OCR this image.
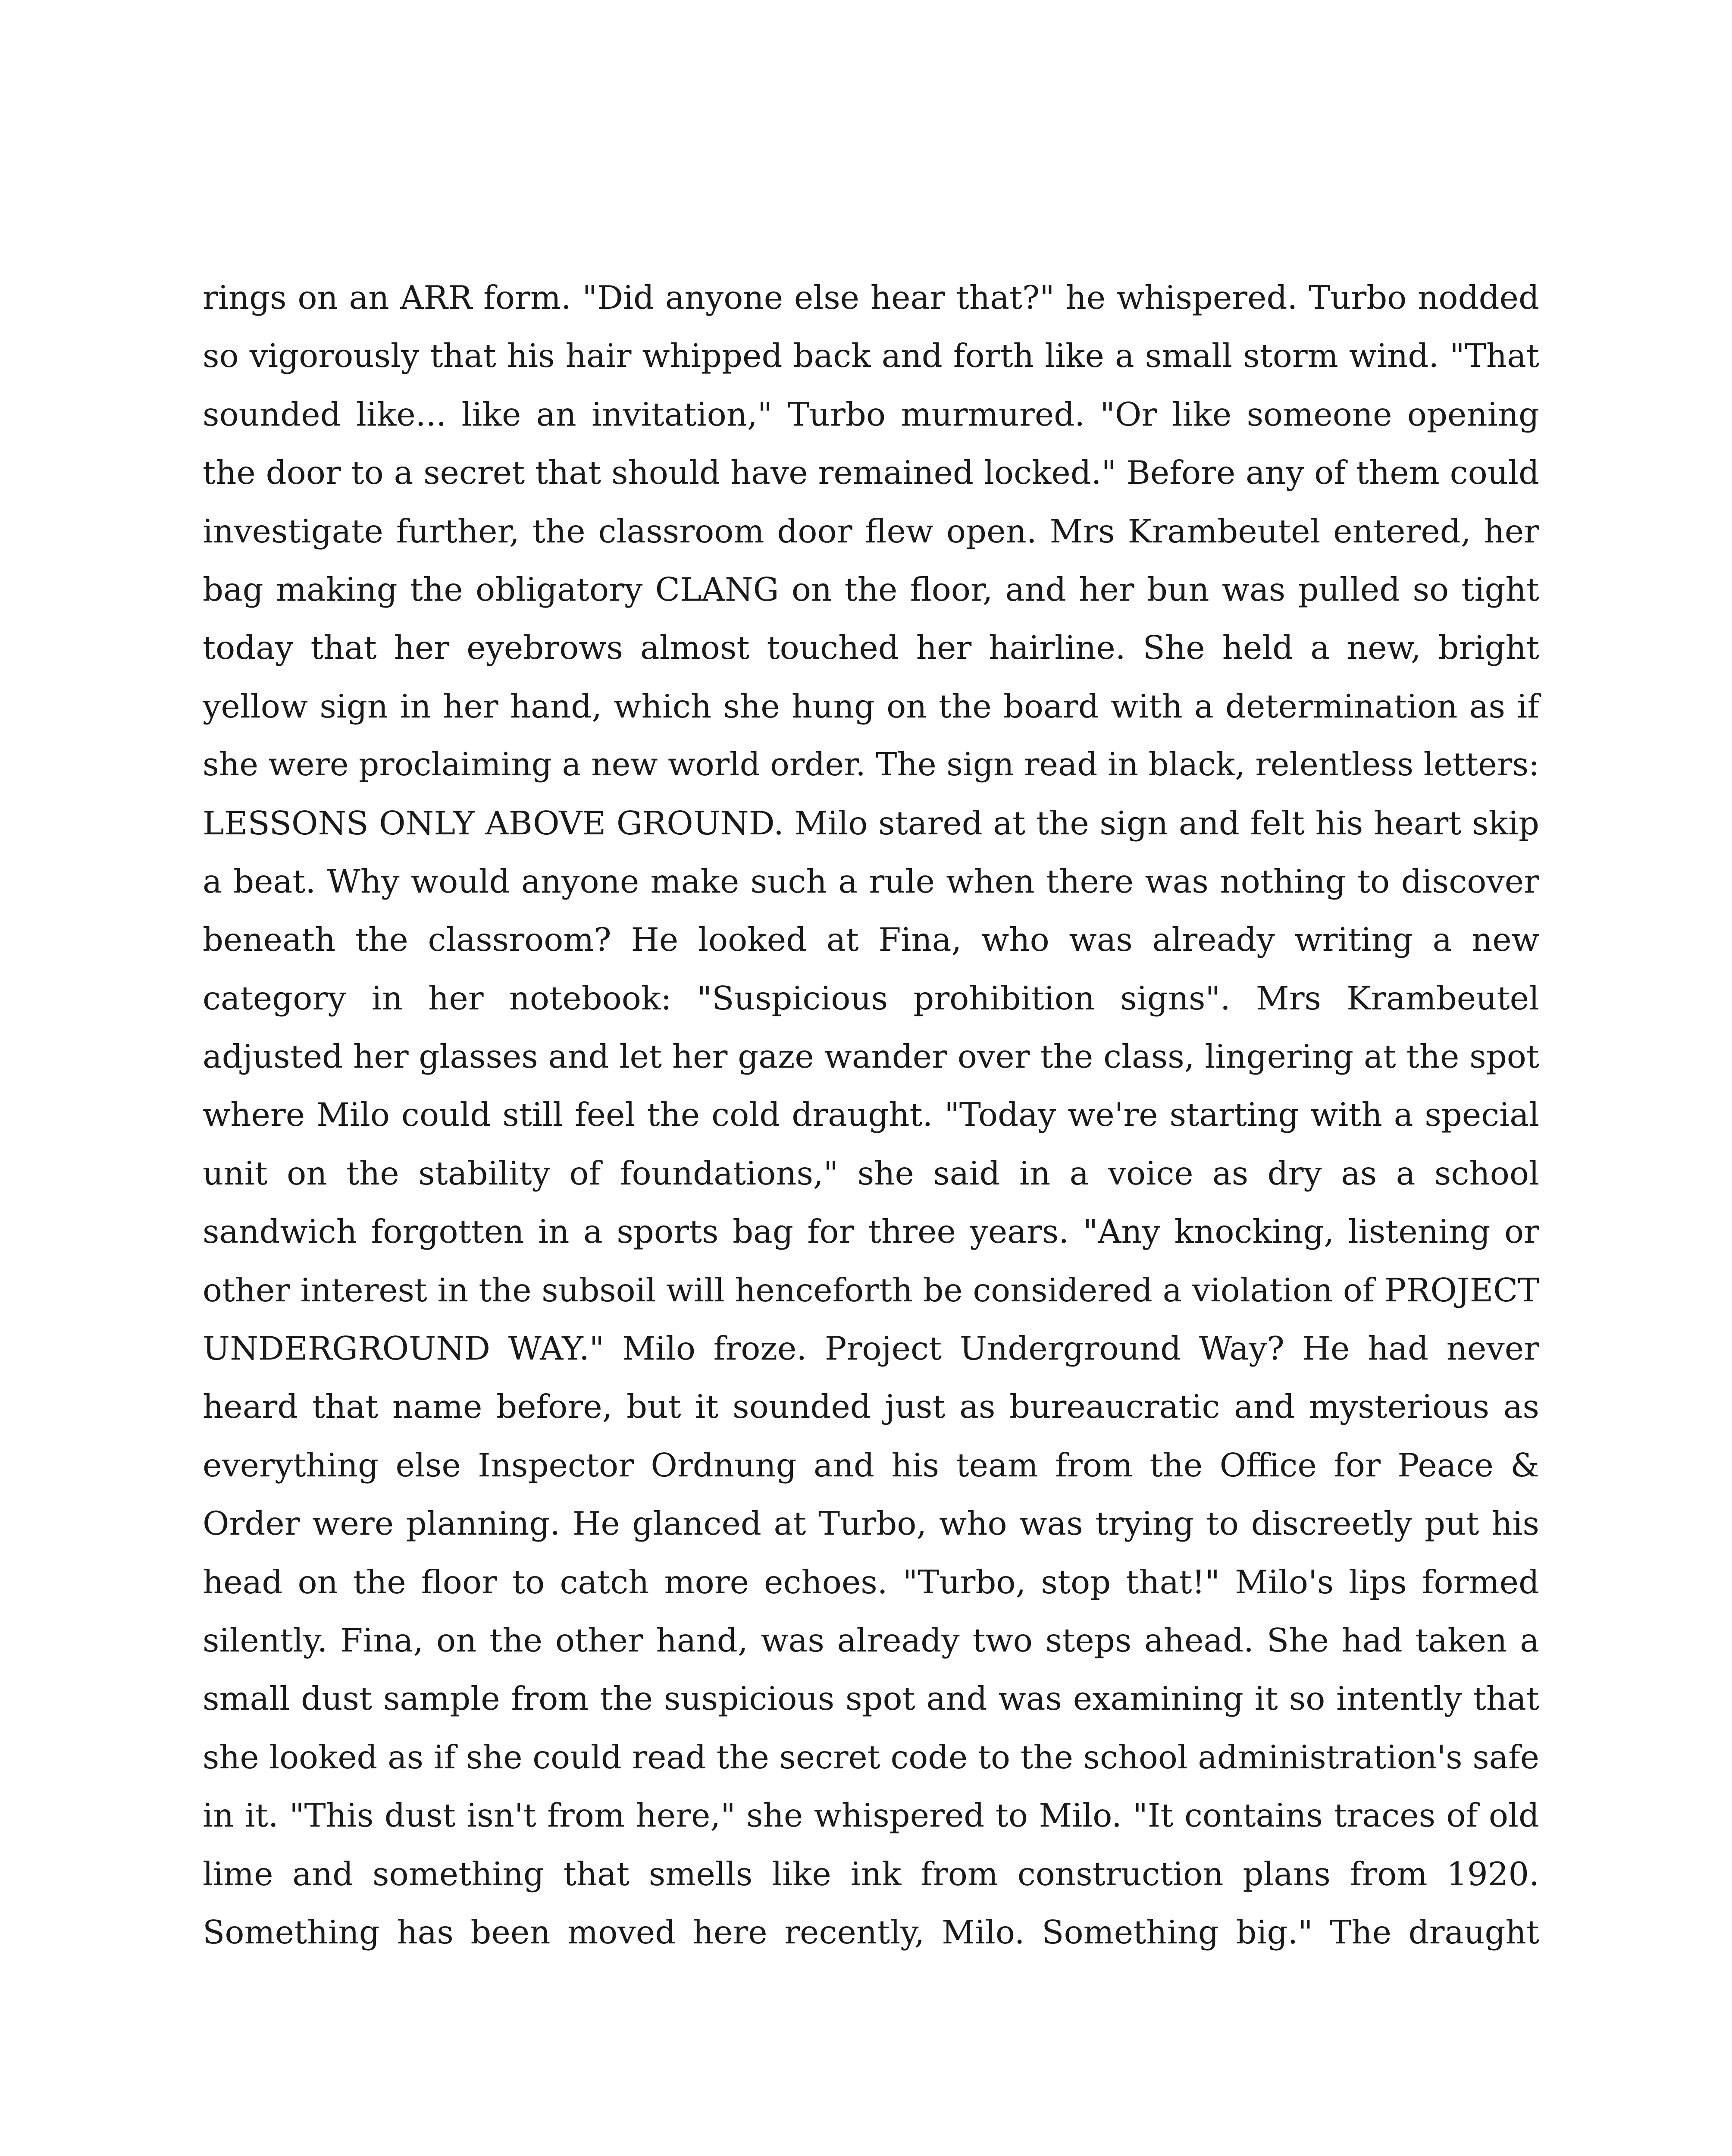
rings on an ARR form. "Did anyone else hear that?" he whispered. Turbo nodded
so vigorously that his hair whipped back and forth like a small storm wind. "That
sounded like... like an invitation," Turbo murmured. "Or like someone opening
the door to a secret that should have remained locked." Before any of them could
investigate further, the classroom door flew open. Mrs Krambeutel entered, her
bag making the obligatory CLANG on the floor, and her bun was pulled so tight
today that her eyebrows almost touched her hairline. She held a new, bright
yellow sign in her hand, which she hung on the board with a determination as if
she were proclaiming a new world order. The sign read in black, relentless letters:
LESSONS ONLY ABOVE GROUND. Milo stared at the sign and felt his heart skip
a beat. Why would anyone make such a rule when there was nothing to discover
beneath the classroom? He looked at Fina, who was already writing a new
category in her notebook: "Suspicious prohibition signs". Mrs Krambeutel
adjusted her glasses and let her gaze wander over the class, lingering at the spot
where Milo could still feel the cold draught. "Today we're starting with a special
unit on the stability of foundations," she said in a voice as dry as a school
sandwich forgotten in a sports bag for three years. "Any knocking, listening or
other interest in the subsoil will henceforth be considered a violation of PROJECT
UNDERGROUND WAY." Milo froze. Project Underground Way? He had never
heard that name before, but it sounded just as bureaucratic and mysterious as
everything else Inspector Ordnung and his team from the Office for Peace &
Order were planning. He glanced at Turbo, who was trying to discreetly put his
head on the floor to catch more echoes. "Turbo, stop that!" Milo's lips formed
silently. Fina, on the other hand, was already two steps ahead. She had taken a
small dust sample from the suspicious spot and was examining it so intently that
she looked as if she could read the secret code to the school administration's safe
in it. "This dust isn't from here," she whispered to Milo. "It contains traces of old
lime and something that smells like ink from construction plans from 1920.
Something has been moved here recently, Milo. Something big." The draught
